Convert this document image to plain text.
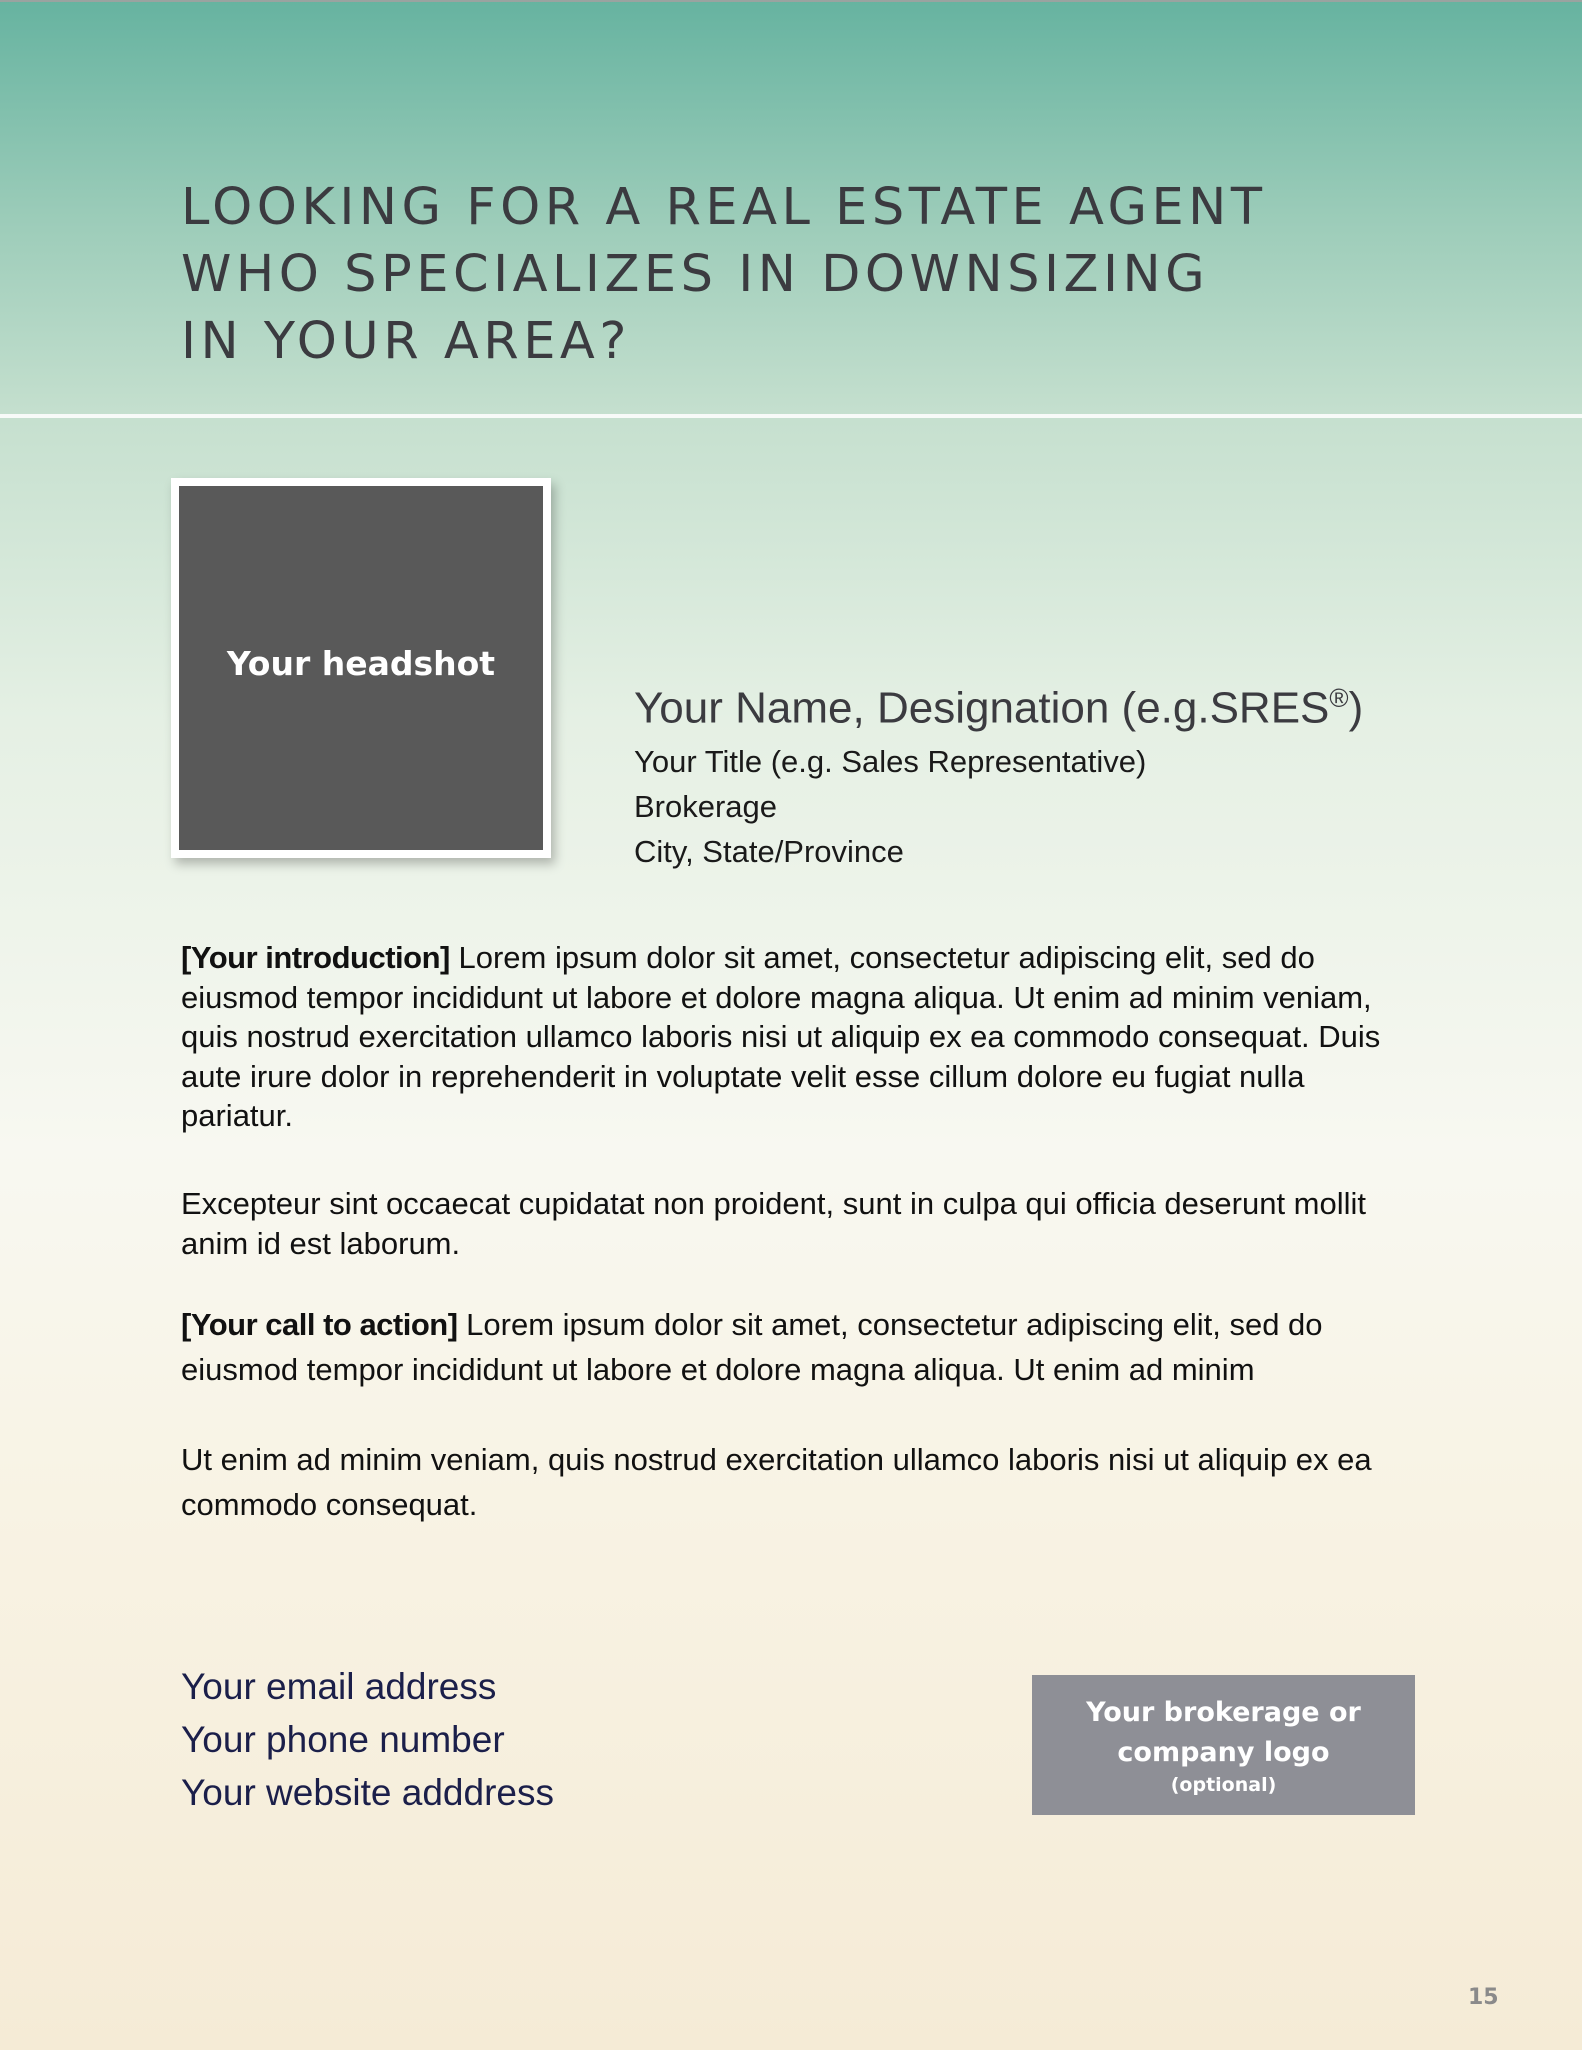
LOOKING FOR A REAL ESTATE AGENT
WHO SPECIALIZES IN DOWNSIZING
IN YOUR AREA?
Your headshot
Your Name, Designation (e.g.SRES®)
Your Title (e.g. Sales Representative)
Brokerage
City, State/Province

[Your introduction] Lorem ipsum dolor sit amet, consectetur adipiscing elit, sed do eiusmod tempor incididunt ut labore et dolore magna aliqua. Ut enim ad minim veniam, quis nostrud exercitation ullamco laboris nisi ut aliquip ex ea commodo consequat. Duis aute irure dolor in reprehenderit in voluptate velit esse cillum dolore eu fugiat nulla pariatur.

Excepteur sint occaecat cupidatat non proident, sunt in culpa qui officia deserunt mollit anim id est laborum.

[Your call to action] Lorem ipsum dolor sit amet, consectetur adipiscing elit, sed do eiusmod tempor incididunt ut labore et dolore magna aliqua. Ut enim ad minim

Ut enim ad minim veniam, quis nostrud exercitation ullamco laboris nisi ut aliquip ex ea commodo consequat.

Your email address
Your phone number
Your website adddress
Your brokerage or
company logo
(optional)
15
